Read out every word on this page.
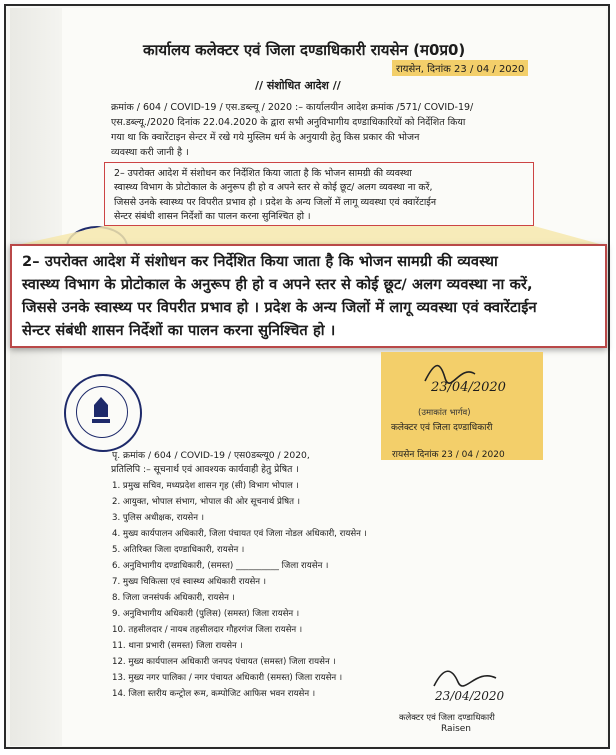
कार्यालय कलेक्टर एवं जिला दण्डाधिकारी रायसेन (म0प्र0)
रायसेन, दिनांक 23 / 04 / 2020
// संशोधित आदेश //
क्रमांक / 604 / COVID-19 / एस.डब्ल्यू / 2020 :– कार्यालयीन आदेश क्रमांक /571/ COVID-19/
एस.डब्ल्यू./2020 दिनांक 22.04.2020 के द्वारा सभी अनुविभागीय दण्डाधिकारियों को निर्देशित किया
गया था कि क्वारेंटाइन सेन्टर में रखे गये मुस्लिम धर्म के अनुयायी हेतु किस प्रकार की भोजन
व्यवस्था करी जानी है ।
2– उपरोक्त आदेश में संशोधन कर निर्देशित किया जाता है कि भोजन सामग्री की व्यवस्था
स्वास्थ्य विभाग के प्रोटोकाल के अनुरूप ही हो व अपने स्तर से कोई छूट/ अलग व्यवस्था ना करें,
जिससे उनके स्वास्थ्य पर विपरीत प्रभाव हो । प्रदेश के अन्य जिलों में लागू व्यवस्था एवं क्वारेंटाईन
सेन्टर संबंधी शासन निर्देशों का पालन करना सुनिश्चित हो ।
2– उपरोक्त आदेश में संशोधन कर निर्देशित किया जाता है कि भोजन सामग्री की व्यवस्था
स्वास्थ्य विभाग के प्रोटोकाल के अनुरूप ही हो व अपने स्तर से कोई छूट/ अलग व्यवस्था ना करें,
जिससे उनके स्वास्थ्य पर विपरीत प्रभाव हो । प्रदेश के अन्य जिलों में लागू व्यवस्था एवं क्वारेंटाईन
सेन्टर संबंधी शासन निर्देशों का पालन करना सुनिश्चित हो ।
23/04/2020
(उमाकांत भार्गव)
कलेक्टर एवं जिला दण्डाधिकारी
रायसेन दिनांक 23 / 04 / 2020
पृ. क्रमांक / 604 / COVID-19 / एस0डब्ल्यू0 / 2020,
प्रतिलिपि :– सूचनार्थ एवं आवश्यक कार्यवाही हेतु प्रेषित ।
1. प्रमुख सचिव, मध्यप्रदेश शासन गृह (सी) विभाग भोपाल ।
2. आयुक्त, भोपाल संभाग, भोपाल की ओर सूचनार्थ प्रेषित ।
3. पुलिस अधीक्षक, रायसेन ।
4. मुख्य कार्यपालन अधिकारी, जिला पंचायत एवं जिला नोडल अधिकारी, रायसेन ।
5. अतिरिक्त जिला दण्डाधिकारी, रायसेन ।
6. अनुविभागीय दण्डाधिकारी, (समस्त) __________ जिला रायसेन ।
7. मुख्य चिकित्सा एवं स्वास्थ्य अधिकारी रायसेन ।
8. जिला जनसंपर्क अधिकारी, रायसेन ।
9. अनुविभागीय अधिकारी (पुलिस) (समस्त) जिला रायसेन ।
10. तहसीलदार / नायब तहसीलदार गौहरगंज जिला रायसेन ।
11. थाना प्रभारी (समस्त) जिला रायसेन ।
12. मुख्य कार्यपालन अधिकारी जनपद पंचायत (समस्त) जिला रायसेन ।
13. मुख्य नगर पालिका / नगर पंचायत अधिकारी (समस्त) जिला रायसेन ।
14. जिला स्तरीय कन्ट्रोल रूम, कम्पोजिट आफिस भवन रायसेन ।	23/04/2020
कलेक्टर एवं जिला दण्डाधिकारी
Raisen
